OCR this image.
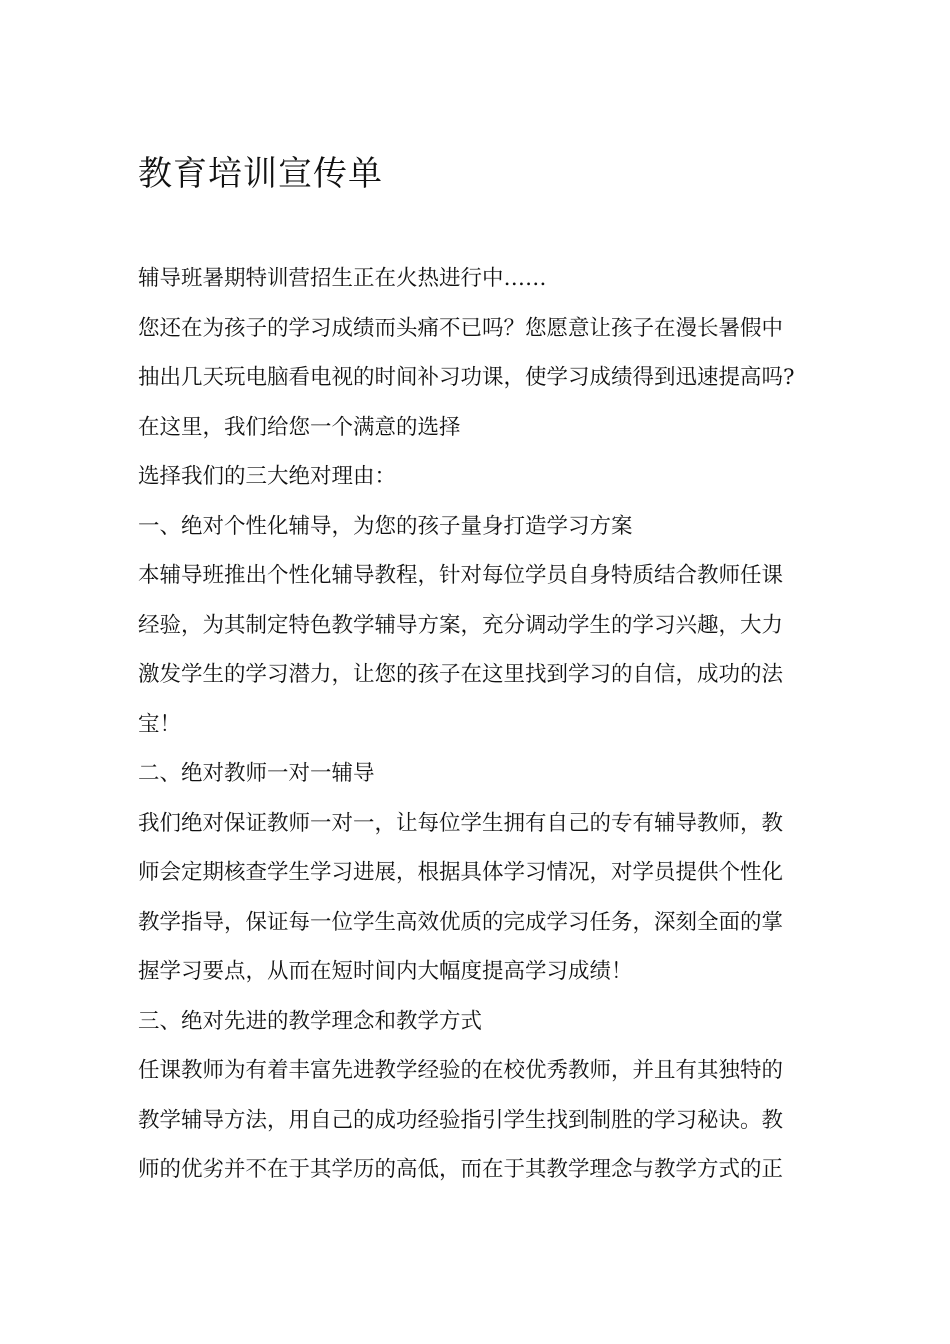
教育培训宣传单
辅导班暑期特训营招生正在火热进行中……
您还在为孩子的学习成绩而头痛不已吗？您愿意让孩子在漫长暑假中
抽出几天玩电脑看电视的时间补习功课，使学习成绩得到迅速提高吗?
在这里，我们给您一个满意的选择
选择我们的三大绝对理由：
一、绝对个性化辅导，为您的孩子量身打造学习方案
本辅导班推出个性化辅导教程，针对每位学员自身特质结合教师任课
经验，为其制定特色教学辅导方案，充分调动学生的学习兴趣，大力
激发学生的学习潜力，让您的孩子在这里找到学习的自信，成功的法
宝！
二、绝对教师一对一辅导
我们绝对保证教师一对一，让每位学生拥有自己的专有辅导教师，教
师会定期核查学生学习进展，根据具体学习情况，对学员提供个性化
教学指导，保证每一位学生高效优质的完成学习任务，深刻全面的掌
握学习要点，从而在短时间内大幅度提高学习成绩！
三、绝对先进的教学理念和教学方式
任课教师为有着丰富先进教学经验的在校优秀教师，并且有其独特的
教学辅导方法，用自己的成功经验指引学生找到制胜的学习秘诀。教
师的优劣并不在于其学历的高低，而在于其教学理念与教学方式的正
